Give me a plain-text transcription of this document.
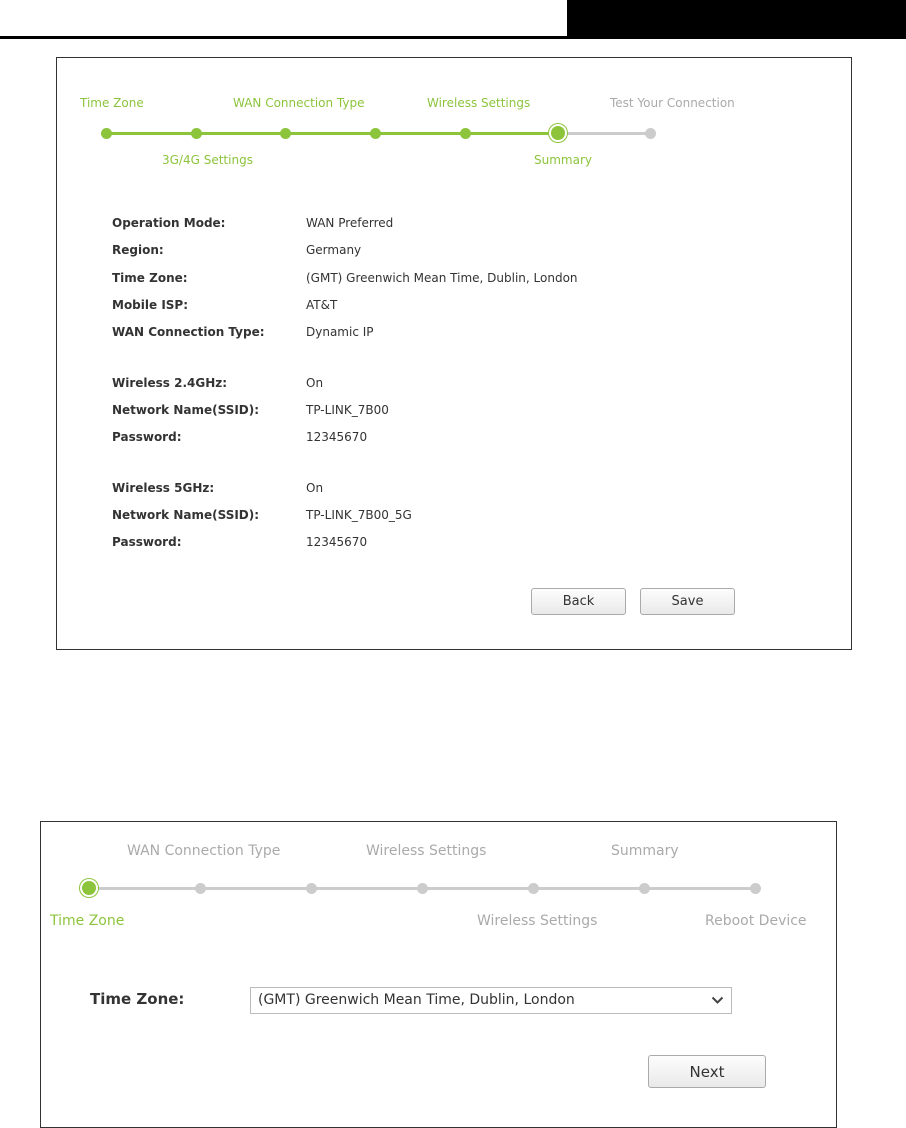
Time Zone	WAN Connection Type	Wireless Settings	Test Your Connection
3G/4G Settings	Summary
Operation Mode:	WAN Preferred
Region:	Germany
Time Zone:	(GMT) Greenwich Mean Time, Dublin, London
Mobile ISP:	AT&T
WAN Connection Type:	Dynamic IP
Wireless 2.4GHz:	On
Network Name(SSID):	TP-LINK_7B00
Password:	12345670
Wireless 5GHz:	On
Network Name(SSID):	TP-LINK_7B00_5G
Password:	12345670
Back	Save
WAN Connection Type	Wireless Settings	Summary
Time Zone	Wireless Settings	Reboot Device
Time Zone:	(GMT) Greenwich Mean Time, Dublin, London
Next
